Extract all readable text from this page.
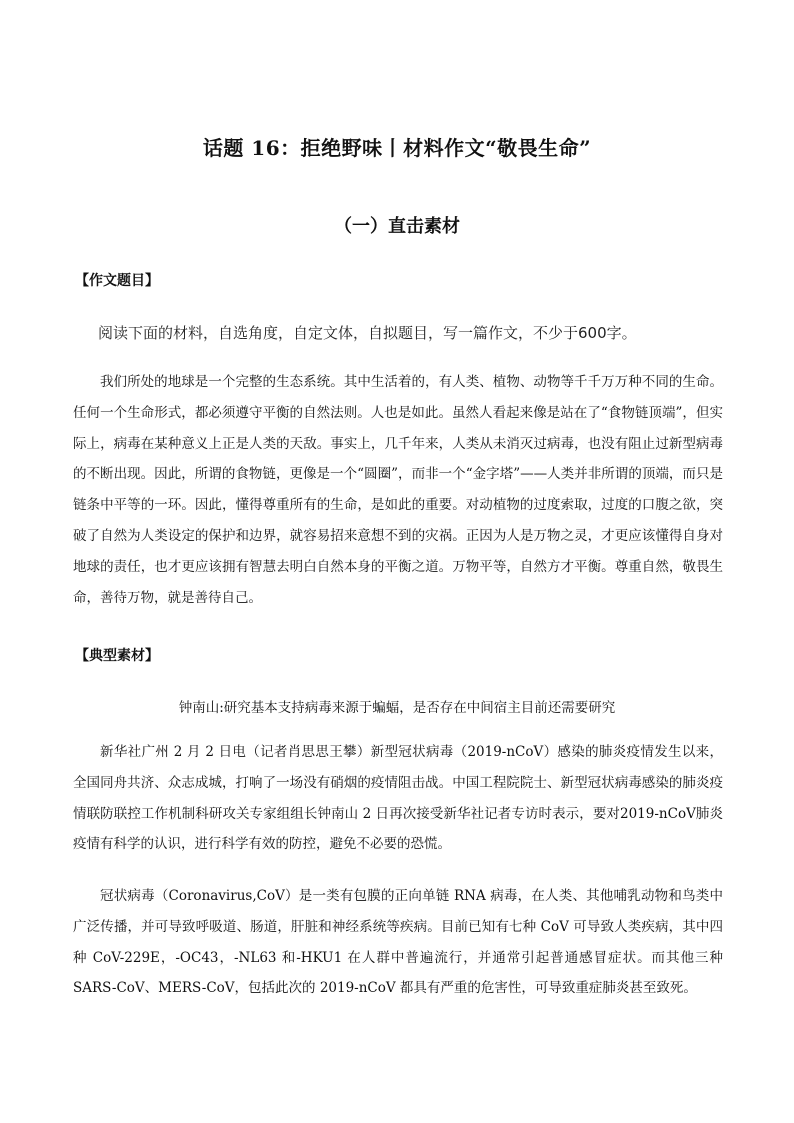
话题 16：拒绝野味丨材料作文“敬畏生命”
（一）直击素材
【作文题目】
阅读下面的材料，自选角度，自定文体，自拟题目，写一篇作文，不少于600字。
我们所处的地球是一个完整的生态系统。其中生活着的，有人类、植物、动物等千千万万种不同的生命。任何一个生命形式，都必须遵守平衡的自然法则。人也是如此。虽然人看起来像是站在了“食物链顶端”，但实际上，病毒在某种意义上正是人类的天敌。事实上，几千年来，人类从未消灭过病毒，也没有阻止过新型病毒的不断出现。因此，所谓的食物链，更像是一个“圆圈”，而非一个“金字塔”——人类并非所谓的顶端，而只是链条中平等的一环。因此，懂得尊重所有的生命，是如此的重要。对动植物的过度索取，过度的口腹之欲，突破了自然为人类设定的保护和边界，就容易招来意想不到的灾祸。正因为人是万物之灵，才更应该懂得自身对地球的责任，也才更应该拥有智慧去明白自然本身的平衡之道。万物平等，自然方才平衡。尊重自然，敬畏生命，善待万物，就是善待自己。
【典型素材】
钟南山:研究基本支持病毒来源于蝙蝠，是否存在中间宿主目前还需要研究
新华社广州 2 月 2 日电（记者肖思思王攀）新型冠状病毒（2019-nCoV）感染的肺炎疫情发生以来，全国同舟共济、众志成城，打响了一场没有硝烟的疫情阻击战。中国工程院院士、新型冠状病毒感染的肺炎疫情联防联控工作机制科研攻关专家组组长钟南山 2 日再次接受新华社记者专访时表示，要对2019-nCoV肺炎疫情有科学的认识，进行科学有效的防控，避免不必要的恐慌。
冠状病毒（Coronavirus,CoV）是一类有包膜的正向单链 RNA 病毒，在人类、其他哺乳动物和鸟类中广泛传播，并可导致呼吸道、肠道，肝脏和神经系统等疾病。目前已知有七种 CoV 可导致人类疾病，其中四种 CoV-229E，-OC43，-NL63 和-HKU1 在人群中普遍流行，并通常引起普通感冒症状。而其他三种SARS-CoV、MERS-CoV，包括此次的 2019-nCoV 都具有严重的危害性，可导致重症肺炎甚至致死。
